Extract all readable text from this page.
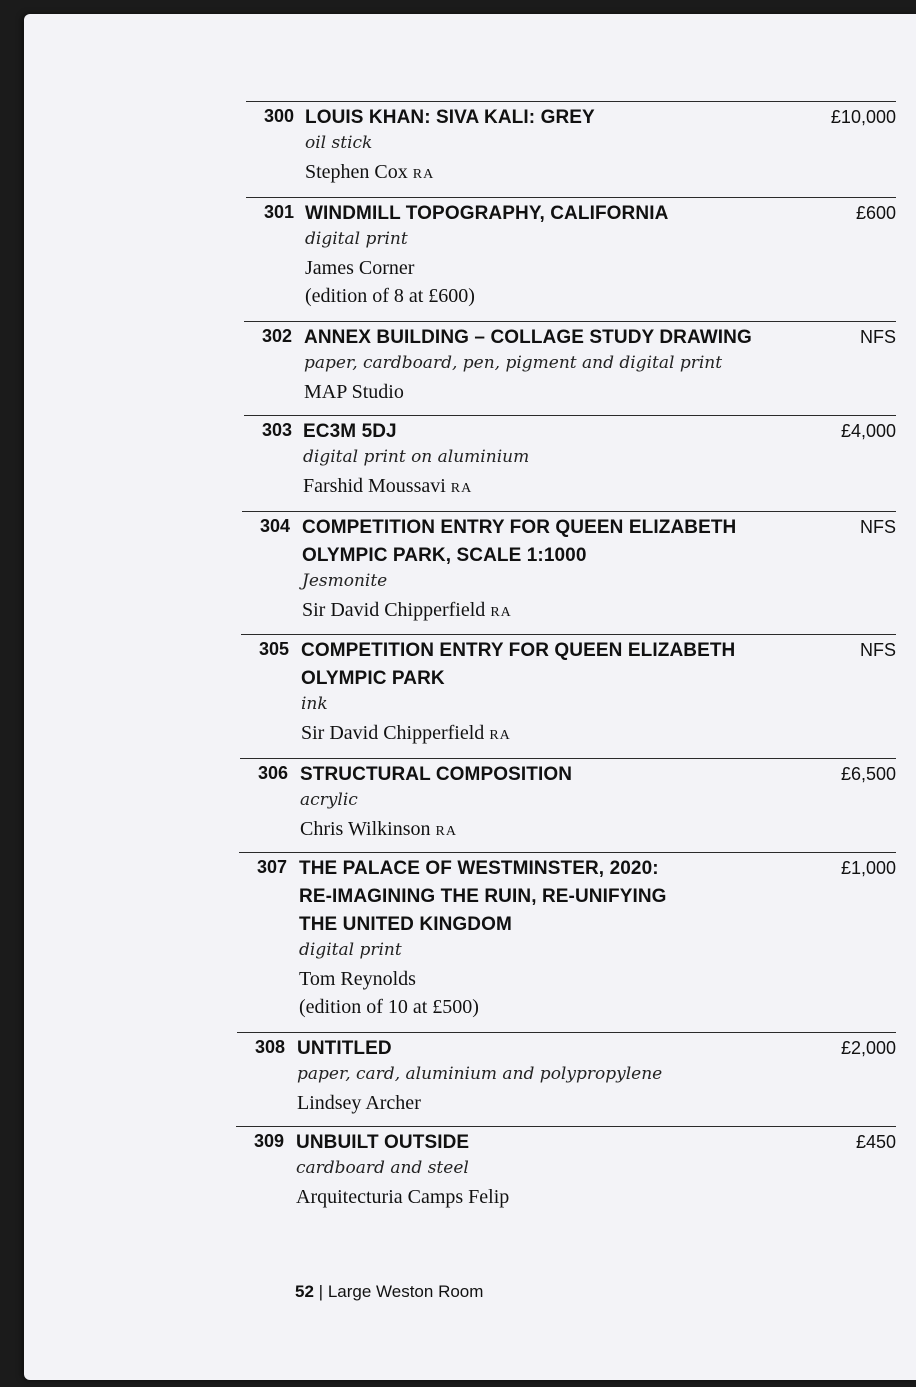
300 LOUIS KHAN: SIVA KALI: GREY
oil stick
Stephen Cox RA
£10,000
301 WINDMILL TOPOGRAPHY, CALIFORNIA
digital print
James Corner
(edition of 8 at £600)
£600
302 ANNEX BUILDING – COLLAGE STUDY DRAWING
paper, cardboard, pen, pigment and digital print
MAP Studio
NFS
303 EC3M 5DJ
digital print on aluminium
Farshid Moussavi RA
£4,000
304 COMPETITION ENTRY FOR QUEEN ELIZABETH
OLYMPIC PARK, SCALE 1:1000
Jesmonite
Sir David Chipperfield RA
NFS
305 COMPETITION ENTRY FOR QUEEN ELIZABETH
OLYMPIC PARK
ink
Sir David Chipperfield RA
NFS
306 STRUCTURAL COMPOSITION
acrylic
Chris Wilkinson RA
£6,500
307 THE PALACE OF WESTMINSTER, 2020:
RE-IMAGINING THE RUIN, RE-UNIFYING
THE UNITED KINGDOM
digital print
Tom Reynolds
(edition of 10 at £500)
£1,000
308 UNTITLED
paper, card, aluminium and polypropylene
Lindsey Archer
£2,000
309 UNBUILT OUTSIDE
cardboard and steel
Arquitecturia Camps Felip
£450
52 | Large Weston Room
